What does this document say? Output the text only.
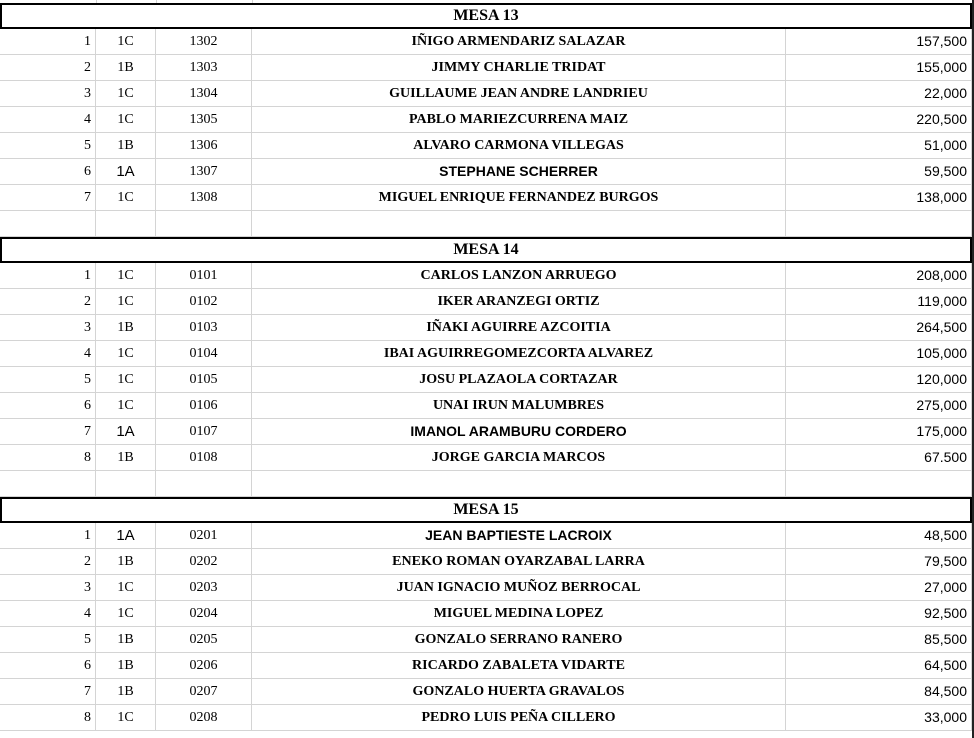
MESA 13
1	1C	1302	IÑIGO ARMENDARIZ SALAZAR	157,500
2	1B	1303	JIMMY CHARLIE TRIDAT	155,000
3	1C	1304	GUILLAUME JEAN ANDRE LANDRIEU	22,000
4	1C	1305	PABLO MARIEZCURRENA MAIZ	220,500
5	1B	1306	ALVARO CARMONA VILLEGAS	51,000
6	1A	1307	STEPHANE SCHERRER	59,500
7	1C	1308	MIGUEL ENRIQUE FERNANDEZ BURGOS	138,000
MESA 14
1	1C	0101	CARLOS LANZON ARRUEGO	208,000
2	1C	0102	IKER ARANZEGI ORTIZ	119,000
3	1B	0103	IÑAKI AGUIRRE AZCOITIA	264,500
4	1C	0104	IBAI AGUIRREGOMEZCORTA ALVAREZ	105,000
5	1C	0105	JOSU PLAZAOLA CORTAZAR	120,000
6	1C	0106	UNAI IRUN MALUMBRES	275,000
7	1A	0107	IMANOL ARAMBURU CORDERO	175,000
8	1B	0108	JORGE GARCIA MARCOS	67.500
MESA 15
1	1A	0201	JEAN BAPTIESTE LACROIX	48,500
2	1B	0202	ENEKO ROMAN OYARZABAL LARRA	79,500
3	1C	0203	JUAN IGNACIO MUÑOZ BERROCAL	27,000
4	1C	0204	MIGUEL MEDINA LOPEZ	92,500
5	1B	0205	GONZALO SERRANO RANERO	85,500
6	1B	0206	RICARDO ZABALETA VIDARTE	64,500
7	1B	0207	GONZALO HUERTA GRAVALOS	84,500
8	1C	0208	PEDRO LUIS PEÑA CILLERO	33,000
